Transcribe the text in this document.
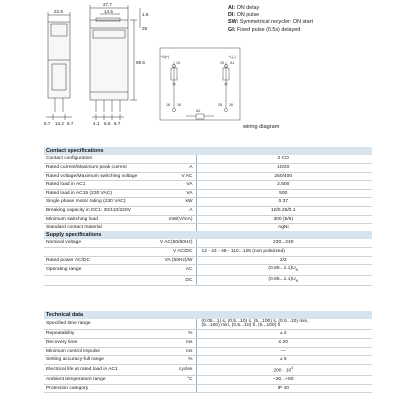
22.5
27.7
14.5
1.5
59.5
28
5.7 13.2 5.7	4.1 6.5 6.7
~N(+)	~L(-)
15	25 A1
18 16	28 26
A2
AI: ON delay
DI: ON pulse
SW: Symmetrical recycler: ON start
GI: Fixed pulse (0.5s) delayed
wiring diagram
Contact specifications		
Contact configuration		2 CO
Rated current/Maximum peak current	A	10/20
Rated voltage/Maximum switching voltage	V AC	250/400
Rated load in AC1	VA	2,500
Rated load in AC15 (230 VAC)	VA	500
Single phase motor rating (230 VAC)	kW	0.37
Breaking capacity in DC1: 30/110/220V	A	10/0.25/0.1
Minimum switching load	mW(V/mA)	300 (5/5)
Standard contact material		AgNi
Supply specifications		
Nominal voltage	V AC(50/60Hz)	230...240
	V AC/DC	12 - 24 - 48 - 110...125 (non polarized)
Rated power AC/DC	VA (50Hz)/W	2/2
Operating range	AC	$(0.85...1.1)U_N$
	DC	$(0.85...1.1)U_N$
Technical data		
Specified time range		(0.05...1) s, (0.5...10) s, (5...100) s, (0.5...10) min,
(5...100) min, (0.5...10) h, (5...100) h
Repeatability	%	± 2
Recovery time	ms	≤ 20
Minimum control impulse	ms	—
Setting accuracy-full range	%	± 5
Electrical life at rated load in AC1	cycles	$200 \cdot 10^3$
Ambient temperature range	°C	–20...+60
Protection category		IP 40
